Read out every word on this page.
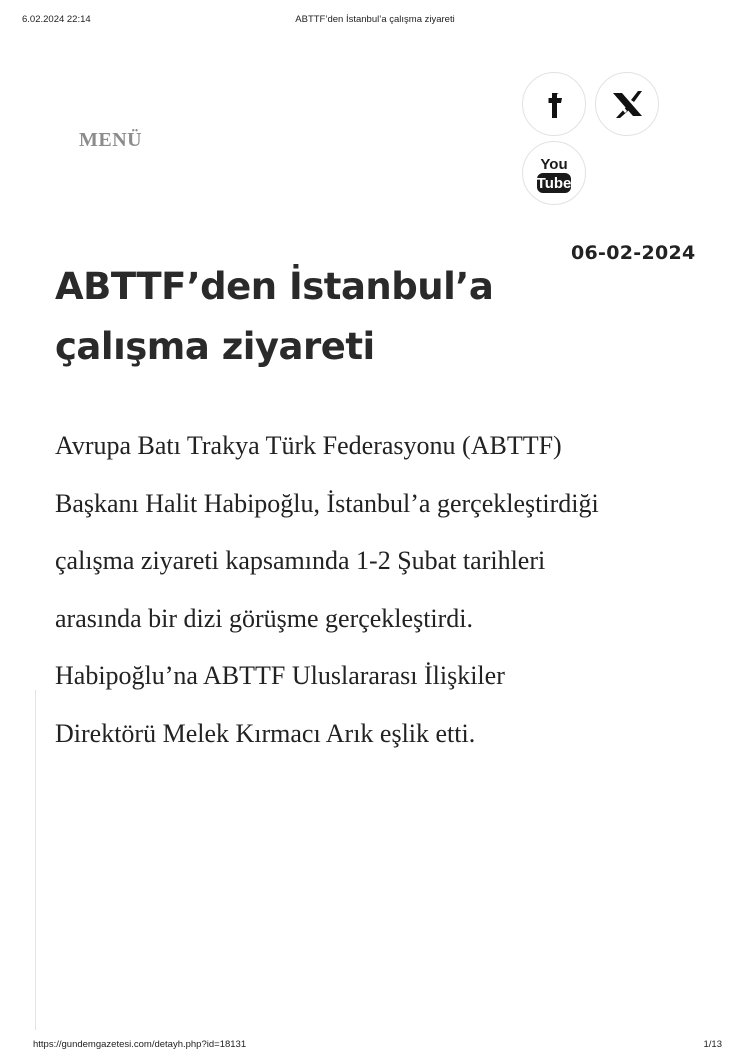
6.02.2024 22:14	ABTTF’den İstanbul’a çalışma ziyareti
MENÜ
You
Tube
06-02-2024
ABTTF’den İstanbul’a
çalışma ziyareti
Avrupa Batı Trakya Türk Federasyonu (ABTTF)
Başkanı Halit Habipoğlu, İstanbul’a gerçekleştirdiği
çalışma ziyareti kapsamında 1-2 Şubat tarihleri
arasında bir dizi görüşme gerçekleştirdi.
Habipoğlu’na ABTTF Uluslararası İlişkiler
Direktörü Melek Kırmacı Arık eşlik etti.
https://gundemgazetesi.com/detayh.php?id=18131	1/13
